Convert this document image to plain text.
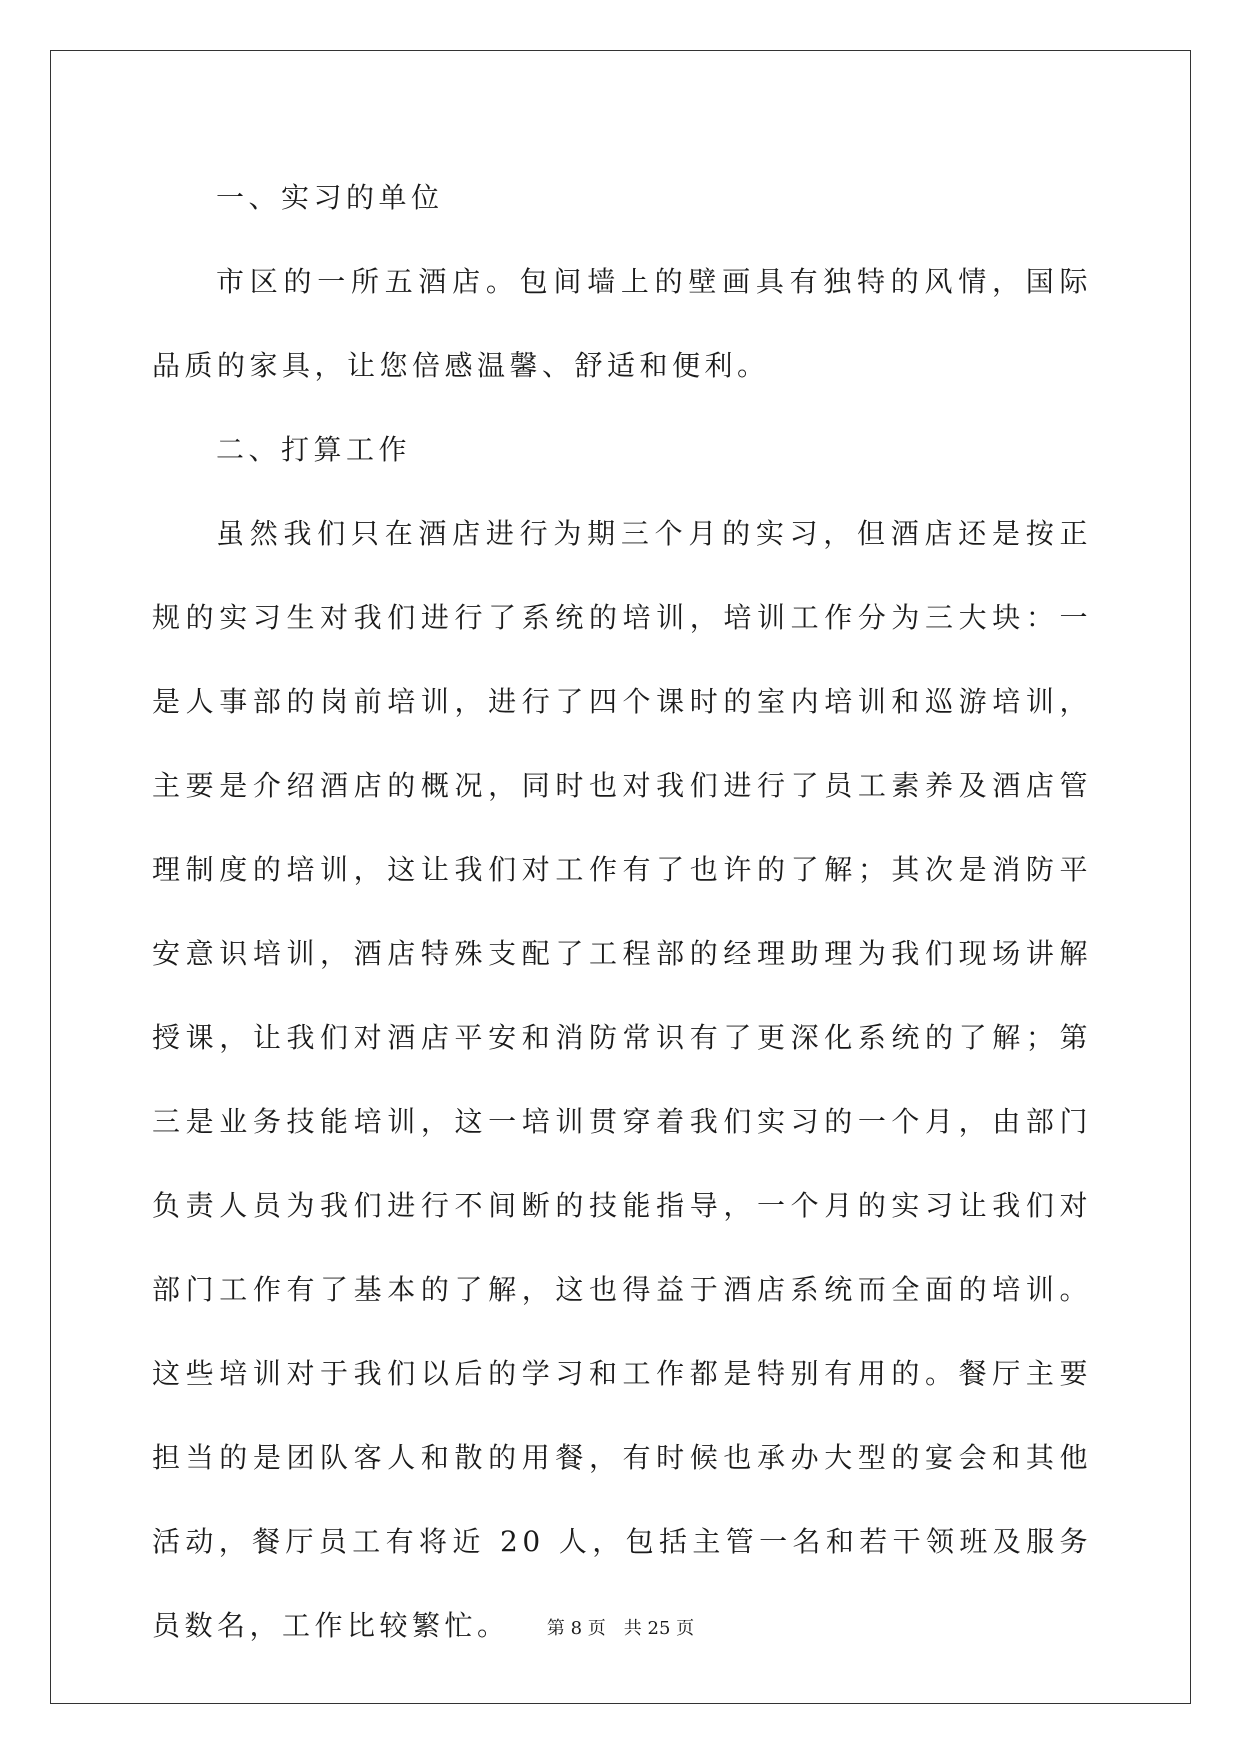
一、实习的单位

市区的一所五酒店。包间墙上的壁画具有独特的风情，国际品质的家具，让您倍感温馨、舒适和便利。

二、打算工作

虽然我们只在酒店进行为期三个月的实习，但酒店还是按正规的实习生对我们进行了系统的培训，培训工作分为三大块：一是人事部的岗前培训，进行了四个课时的室内培训和巡游培训，主要是介绍酒店的概况，同时也对我们进行了员工素养及酒店管理制度的培训，这让我们对工作有了也许的了解；其次是消防平安意识培训，酒店特殊支配了工程部的经理助理为我们现场讲解授课，让我们对酒店平安和消防常识有了更深化系统的了解；第三是业务技能培训，这一培训贯穿着我们实习的一个月，由部门负责人员为我们进行不间断的技能指导，一个月的实习让我们对部门工作有了基本的了解，这也得益于酒店系统而全面的培训。这些培训对于我们以后的学习和工作都是特别有用的。餐厅主要担当的是团队客人和散的用餐，有时候也承办大型的宴会和其他活动，餐厅员工有将近 20 人，包括主管一名和若干领班及服务员数名，工作比较繁忙。	第 8 页 共 25 页
